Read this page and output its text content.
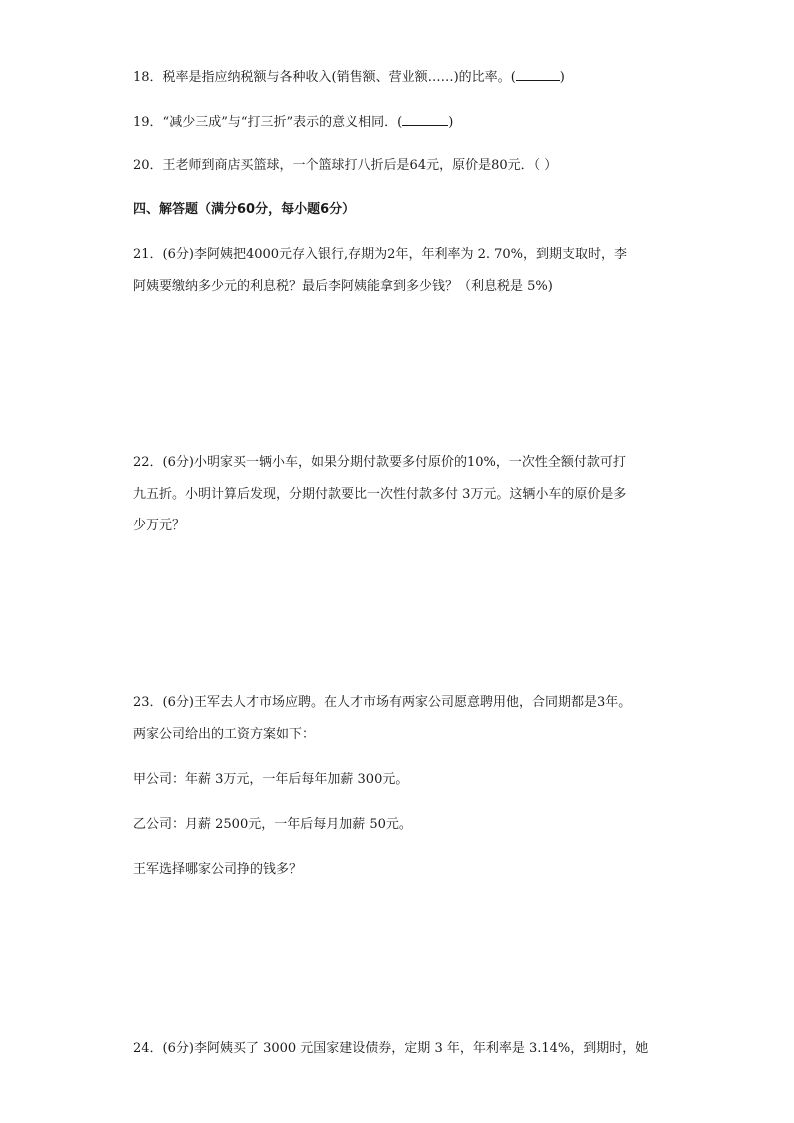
18．税率是指应纳税额与各种收入(销售额、营业额……)的比率。(	)
19．“减少三成”与“打三折”表示的意义相同．(	)
20．王老师到商店买篮球，一个篮球打八折后是64元，原价是80元．（ ）
四、解答题（满分60分，每小题6分）
21．(6分)李阿姨把4000元存入银行,存期为2年，年利率为 2. 70%，到期支取时，李
阿姨要缴纳多少元的利息税？最后李阿姨能拿到多少钱？（利息税是 5%)
22．(6分)小明家买一辆小车，如果分期付款要多付原价的10%，一次性全额付款可打
九五折。小明计算后发现，分期付款要比一次性付款多付 3万元。这辆小车的原价是多
少万元？
23．(6分)王军去人才市场应聘。在人才市场有两家公司愿意聘用他，合同期都是3年。
两家公司给出的工资方案如下：
甲公司：年薪 3万元，一年后每年加薪 300元。
乙公司：月薪 2500元，一年后每月加薪 50元。
王军选择哪家公司挣的钱多？
24．(6分)李阿姨买了 3000 元国家建设债券，定期 3 年，年利率是 3.14%，到期时，她
